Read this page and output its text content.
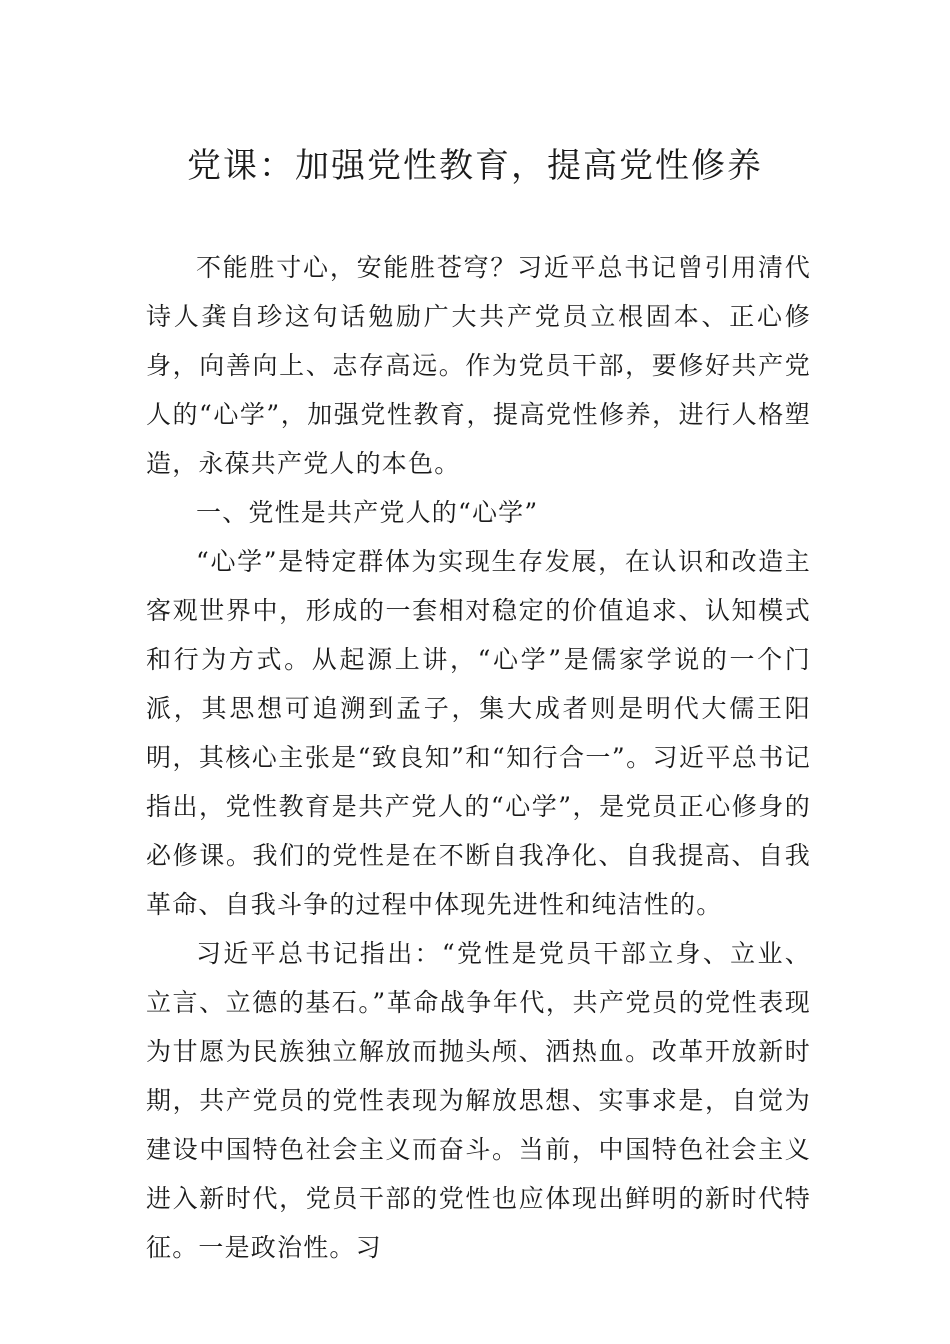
党课：加强党性教育，提高党性修养

不能胜寸心，安能胜苍穹？习近平总书记曾引用清代诗人龚自珍这句话勉励广大共产党员立根固本、正心修身，向善向上、志存高远。作为党员干部，要修好共产党人的“心学”，加强党性教育，提高党性修养，进行人格塑造，永葆共产党人的本色。

一、党性是共产党人的“心学”

“心学”是特定群体为实现生存发展，在认识和改造主客观世界中，形成的一套相对稳定的价值追求、认知模式和行为方式。从起源上讲，“心学”是儒家学说的一个门派，其思想可追溯到孟子，集大成者则是明代大儒王阳明，其核心主张是“致良知”和“知行合一”。习近平总书记指出，党性教育是共产党人的“心学”，是党员正心修身的必修课。我们的党性是在不断自我净化、自我提高、自我革命、自我斗争的过程中体现先进性和纯洁性的。

习近平总书记指出：“党性是党员干部立身、立业、立言、立德的基石。”革命战争年代，共产党员的党性表现为甘愿为民族独立解放而抛头颅、洒热血。改革开放新时期，共产党员的党性表现为解放思想、实事求是，自觉为建设中国特色社会主义而奋斗。当前，中国特色社会主义进入新时代，党员干部的党性也应体现出鲜明的新时代特征。一是政治性。习
